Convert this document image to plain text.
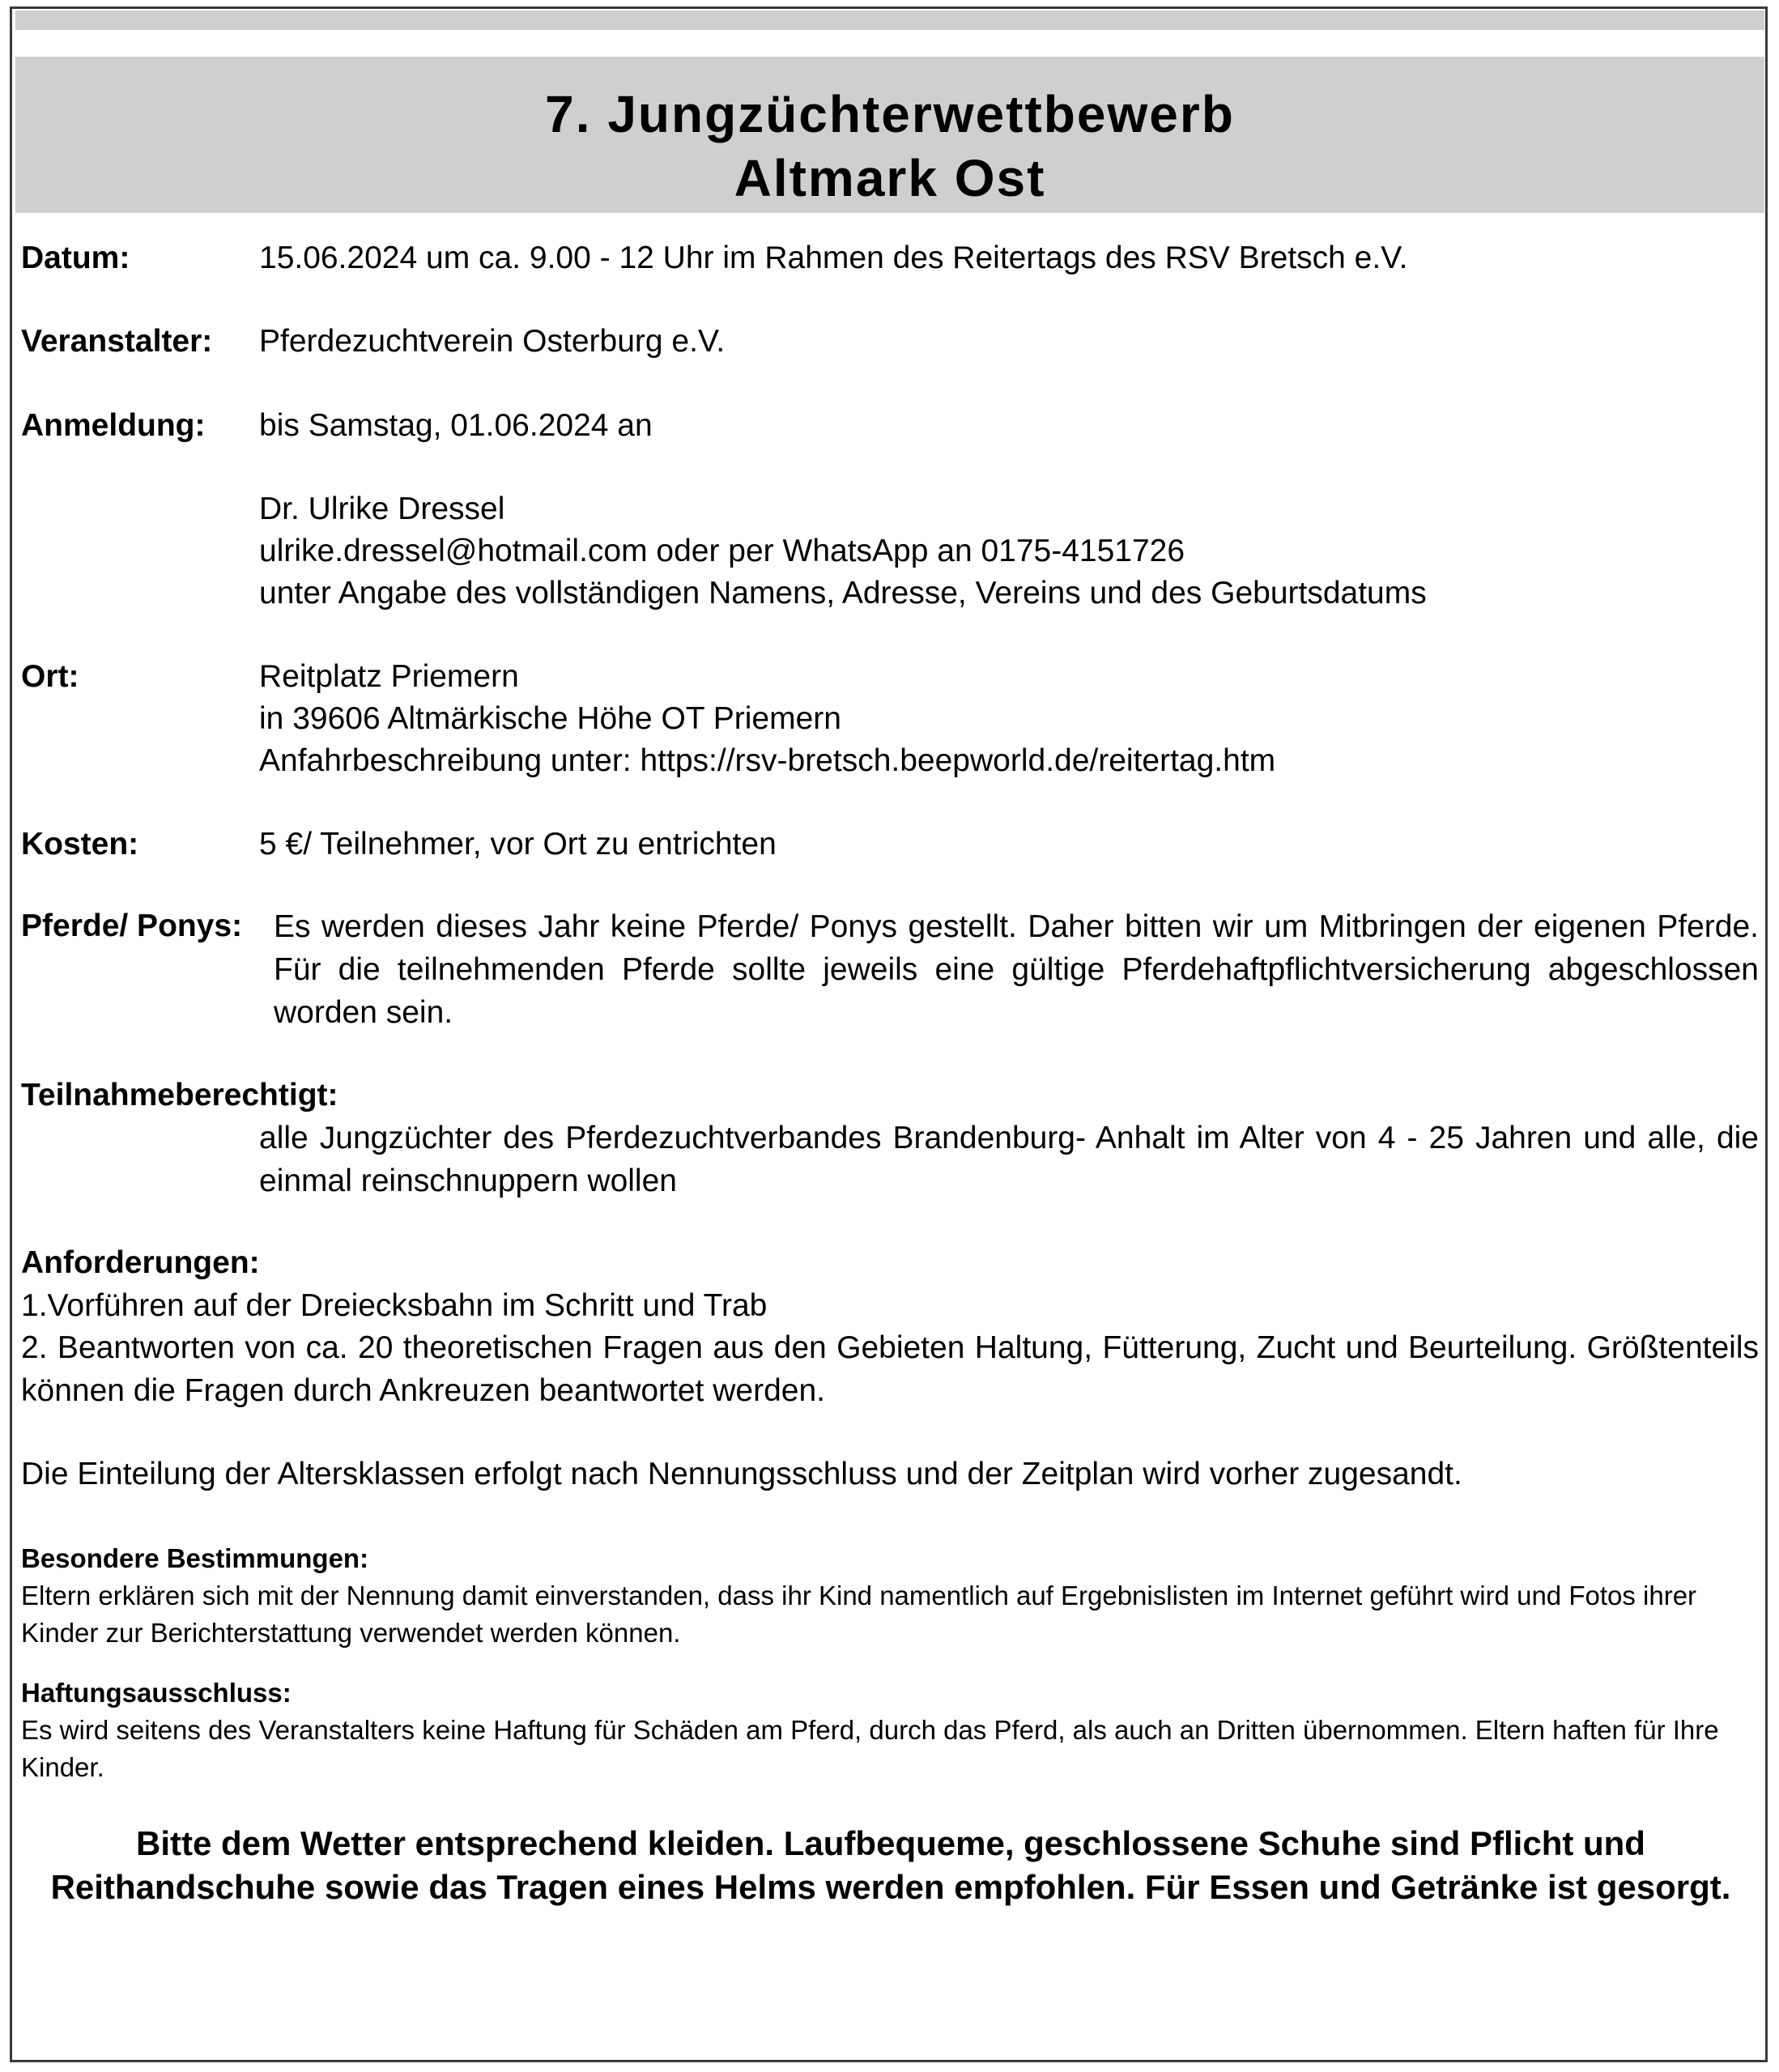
7. Jungzüchterwettbewerb
Altmark Ost
Datum:	15.06.2024 um ca. 9.00 - 12 Uhr im Rahmen des Reitertags des RSV Bretsch e.V.
Veranstalter: Pferdezuchtverein Osterburg e.V.
Anmeldung: bis Samstag, 01.06.2024 an
Dr. Ulrike Dressel
ulrike.dressel@hotmail.com oder per WhatsApp an 0175-4151726
unter Angabe des vollständigen Namens, Adresse, Vereins und des Geburtsdatums
Ort:	Reitplatz Priemern
in 39606 Altmärkische Höhe OT Priemern
Anfahrbeschreibung unter: https://rsv-bretsch.beepworld.de/reitertag.htm
Kosten:	5 €/ Teilnehmer, vor Ort zu entrichten
Pferde/ Ponys: Es werden dieses Jahr keine Pferde/ Ponys gestellt. Daher bitten wir um Mitbringen der eigenen Pferde. Für die teilnehmenden Pferde sollte jeweils eine gültige Pferdehaftpflichtversicherung abgeschlossen worden sein.
Teilnahmeberechtigt:
alle Jungzüchter des Pferdezuchtverbandes Brandenburg- Anhalt im Alter von 4 - 25 Jahren und alle, die einmal reinschnuppern wollen
Anforderungen:
1.Vorführen auf der Dreiecksbahn im Schritt und Trab
2. Beantworten von ca. 20 theoretischen Fragen aus den Gebieten Haltung, Fütterung, Zucht und Beurteilung. Größtenteils können die Fragen durch Ankreuzen beantwortet werden.
Die Einteilung der Altersklassen erfolgt nach Nennungsschluss und der Zeitplan wird vorher zugesandt.
Besondere Bestimmungen:
Eltern erklären sich mit der Nennung damit einverstanden, dass ihr Kind namentlich auf Ergebnislisten im Internet geführt wird und Fotos ihrer Kinder zur Berichterstattung verwendet werden können.
Haftungsausschluss:
Es wird seitens des Veranstalters keine Haftung für Schäden am Pferd, durch das Pferd, als auch an Dritten übernommen. Eltern haften für Ihre Kinder.
Bitte dem Wetter entsprechend kleiden. Laufbequeme, geschlossene Schuhe sind Pflicht und Reithandschuhe sowie das Tragen eines Helms werden empfohlen. Für Essen und Getränke ist gesorgt.
